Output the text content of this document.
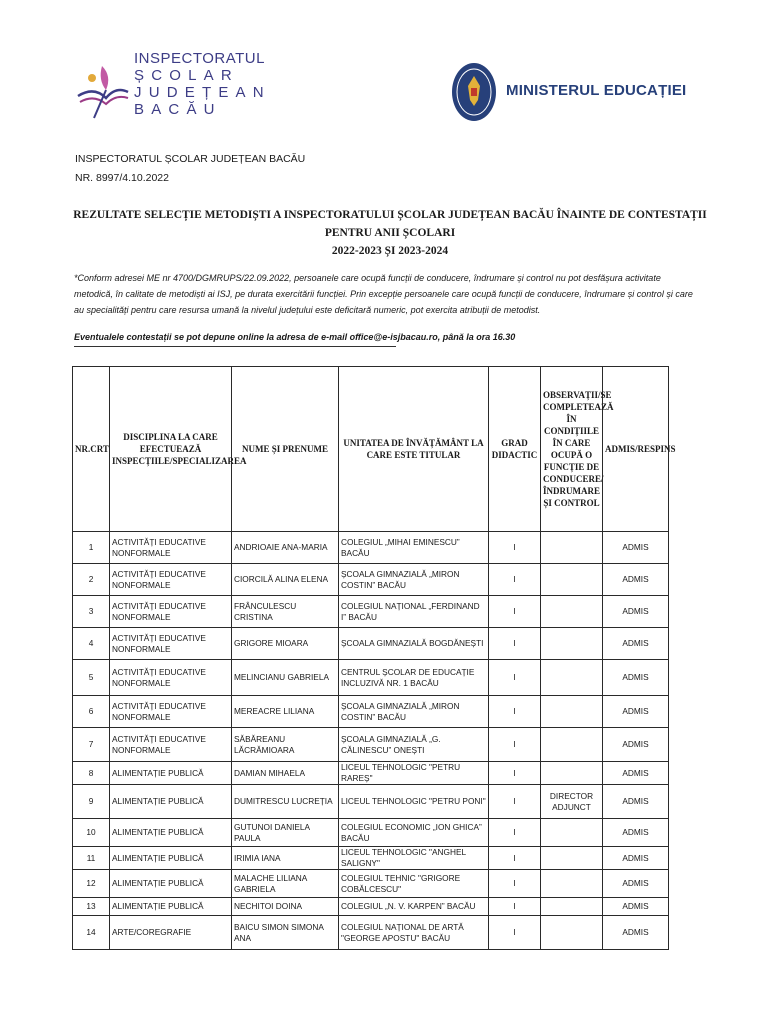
INSPECTORATUL
ȘCOLAR
JUDEȚEAN
BACĂU
MINISTERUL EDUCAȚIEI
INSPECTORATUL ȘCOLAR JUDEȚEAN BACĂU
NR. 8997/4.10.2022
REZULTATE SELECȚIE METODIȘTI A INSPECTORATULUI ȘCOLAR JUDEȚEAN BACĂU ÎNAINTE DE CONTESTAȚII PENTRU ANII ȘCOLARI
2022-2023 ȘI 2023-2024
*Conform adresei ME nr 4700/DGMRUPS/22.09.2022, persoanele care ocupă funcții de conducere, îndrumare și control nu pot desfășura activitate metodică, în calitate de metodiști ai ISJ, pe durata exercitării funcției. Prin excepție persoanele care ocupă funcții de conducere, îndrumare și control și care au specialități pentru care resursa umană la nivelul județului este deficitară numeric, pot exercita atribuții de metodist.
Eventualele contestații se pot depune online la adresa de e-mail office@e-isjbacau.ro, până la ora 16.30
NR.CRT	DISCIPLINA LA CARE EFECTUEAZĂ INSPECȚIILE/SPECIALIZAREA	NUME ȘI PRENUME	UNITATEA DE ÎNVĂȚĂMÂNT LA CARE ESTE TITULAR	GRAD DIDACTIC	OBSERVAȚII/SE COMPLETEAZĂ ÎN CONDIȚIILE ÎN CARE OCUPĂ O FUNCȚIE DE CONDUCERE/ÎNDRUMARE ȘI CONTROL	ADMIS/RESPINS
1	ACTIVITĂȚI EDUCATIVE NONFORMALE	ANDRIOAIE ANA-MARIA	COLEGIUL „MIHAI EMINESCU” BACĂU	I		ADMIS
2	ACTIVITĂȚI EDUCATIVE NONFORMALE	CIORCILĂ ALINA ELENA	ȘCOALA GIMNAZIALĂ „MIRON COSTIN” BACĂU	I		ADMIS
3	ACTIVITĂȚI EDUCATIVE NONFORMALE	FRÂNCULESCU CRISTINA	COLEGIUL NAȚIONAL „FERDINAND I” BACĂU	I		ADMIS
4	ACTIVITĂȚI EDUCATIVE NONFORMALE	GRIGORE MIOARA	ȘCOALA GIMNAZIALĂ BOGDĂNEȘTI	I		ADMIS
5	ACTIVITĂȚI EDUCATIVE NONFORMALE	MELINCIANU GABRIELA	CENTRUL ȘCOLAR DE EDUCAȚIE INCLUZIVĂ NR. 1 BACĂU	I		ADMIS
6	ACTIVITĂȚI EDUCATIVE NONFORMALE	MEREACRE LILIANA	ȘCOALA GIMNAZIALĂ „MIRON COSTIN” BACĂU	I		ADMIS
7	ACTIVITĂȚI EDUCATIVE NONFORMALE	SĂBĂREANU LĂCRĂMIOARA	ȘCOALA GIMNAZIALĂ „G. CĂLINESCU” ONEȘTI	I		ADMIS
8	ALIMENTAȚIE PUBLICĂ	DAMIAN MIHAELA	LICEUL TEHNOLOGIC "PETRU RAREȘ"	I		ADMIS
9	ALIMENTAȚIE PUBLICĂ	DUMITRESCU LUCREȚIA	LICEUL TEHNOLOGIC "PETRU PONI"	I	DIRECTOR ADJUNCT	ADMIS
10	ALIMENTAȚIE PUBLICĂ	GUTUNOI DANIELA PAULA	COLEGIUL ECONOMIC „ION GHICA” BACĂU	I		ADMIS
11	ALIMENTAȚIE PUBLICĂ	IRIMIA IANA	LICEUL TEHNOLOGIC "ANGHEL SALIGNY"	I		ADMIS
12	ALIMENTAȚIE PUBLICĂ	MALACHE LILIANA GABRIELA	COLEGIUL TEHNIC "GRIGORE COBĂLCESCU"	I		ADMIS
13	ALIMENTAȚIE PUBLICĂ	NECHITOI DOINA	COLEGIUL „N. V. KARPEN” BACĂU	I		ADMIS
14	ARTE/COREGRAFIE	BAICU SIMON SIMONA ANA	COLEGIUL NAȚIONAL DE ARTĂ "GEORGE APOSTU" BACĂU	I		ADMIS
